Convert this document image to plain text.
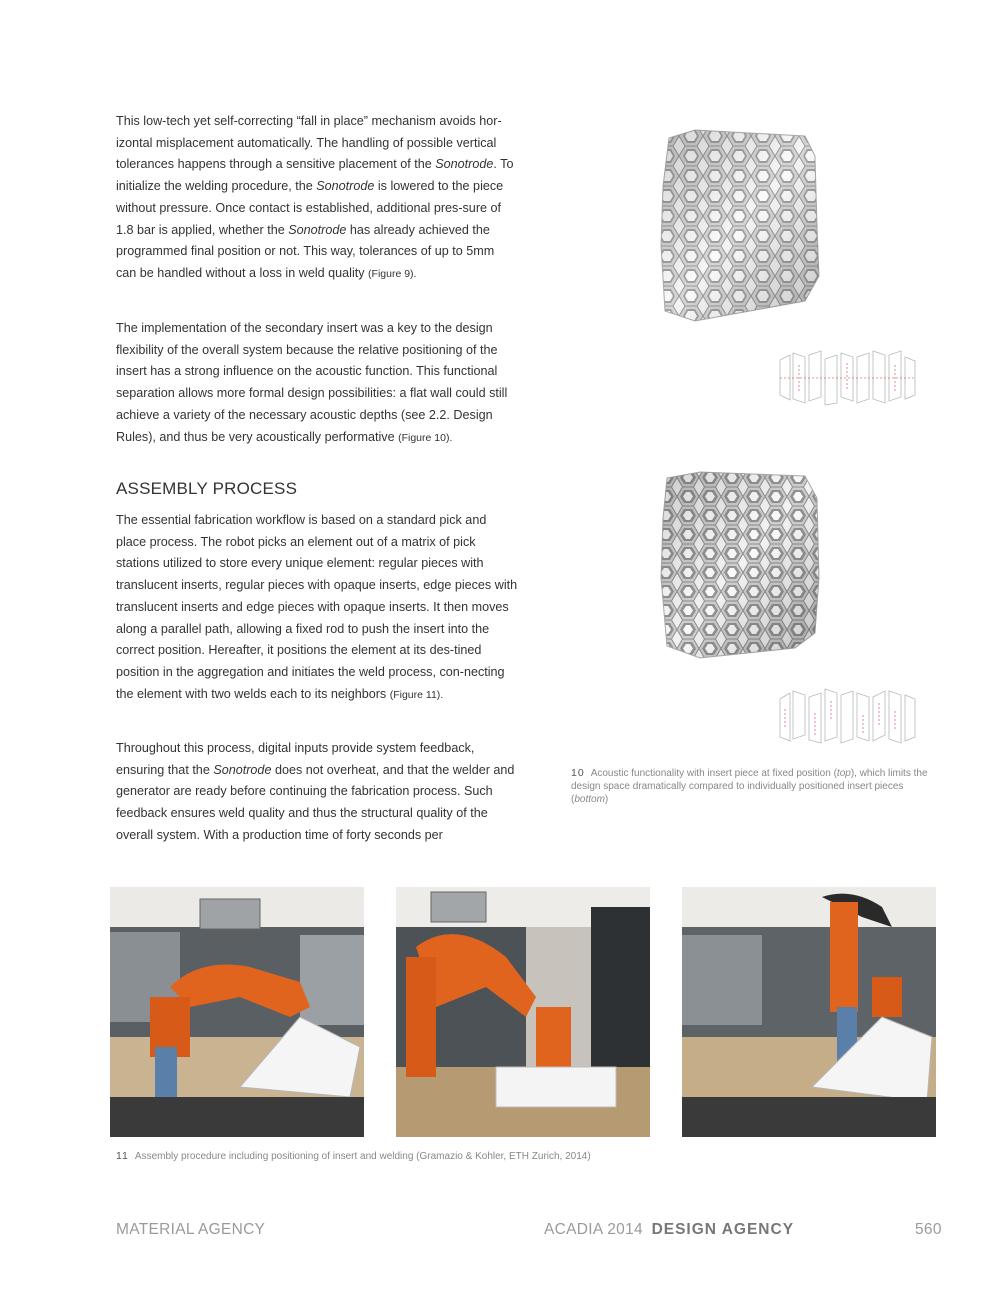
This low-tech yet self-correcting “fall in place” mechanism avoids hor-izontal misplacement automatically. The handling of possible vertical tolerances happens through a sensitive placement of the Sonotrode. To initialize the welding procedure, the Sonotrode is lowered to the piece without pressure. Once contact is established, additional pres-sure of 1.8 bar is applied, whether the Sonotrode has already achieved the programmed final position or not. This way, tolerances of up to 5mm can be handled without a loss in weld quality (Figure 9).

The implementation of the secondary insert was a key to the design flexibility of the overall system because the relative positioning of the insert has a strong influence on the acoustic function. This functional separation allows more formal design possibilities: a flat wall could still achieve a variety of the necessary acoustic depths (see 2.2. Design Rules), and thus be very acoustically performative (Figure 10).

ASSEMBLY PROCESS

The essential fabrication workflow is based on a standard pick and place process. The robot picks an element out of a matrix of pick stations utilized to store every unique element: regular pieces with translucent inserts, regular pieces with opaque inserts, edge pieces with translucent inserts and edge pieces with opaque inserts. It then moves along a parallel path, allowing a fixed rod to push the insert into the correct position. Hereafter, it positions the element at its des-tined position in the aggregation and initiates the weld process, con-necting the element with two welds each to its neighbors (Figure 11).

Throughout this process, digital inputs provide system feedback, ensuring that the Sonotrode does not overheat, and that the welder and generator are ready before continuing the fabrication process. Such feedback ensures weld quality and thus the structural quality of the overall system. With a production time of forty seconds per

10 Acoustic functionality with insert piece at fixed position (top), which limits the design space dramatically compared to individually positioned insert pieces (bottom)
11 Assembly procedure including positioning of insert and welding (Gramazio & Kohler, ETH Zurich, 2014)
MATERIAL AGENCY	ACADIA 2014 DESIGN AGENCY	560
